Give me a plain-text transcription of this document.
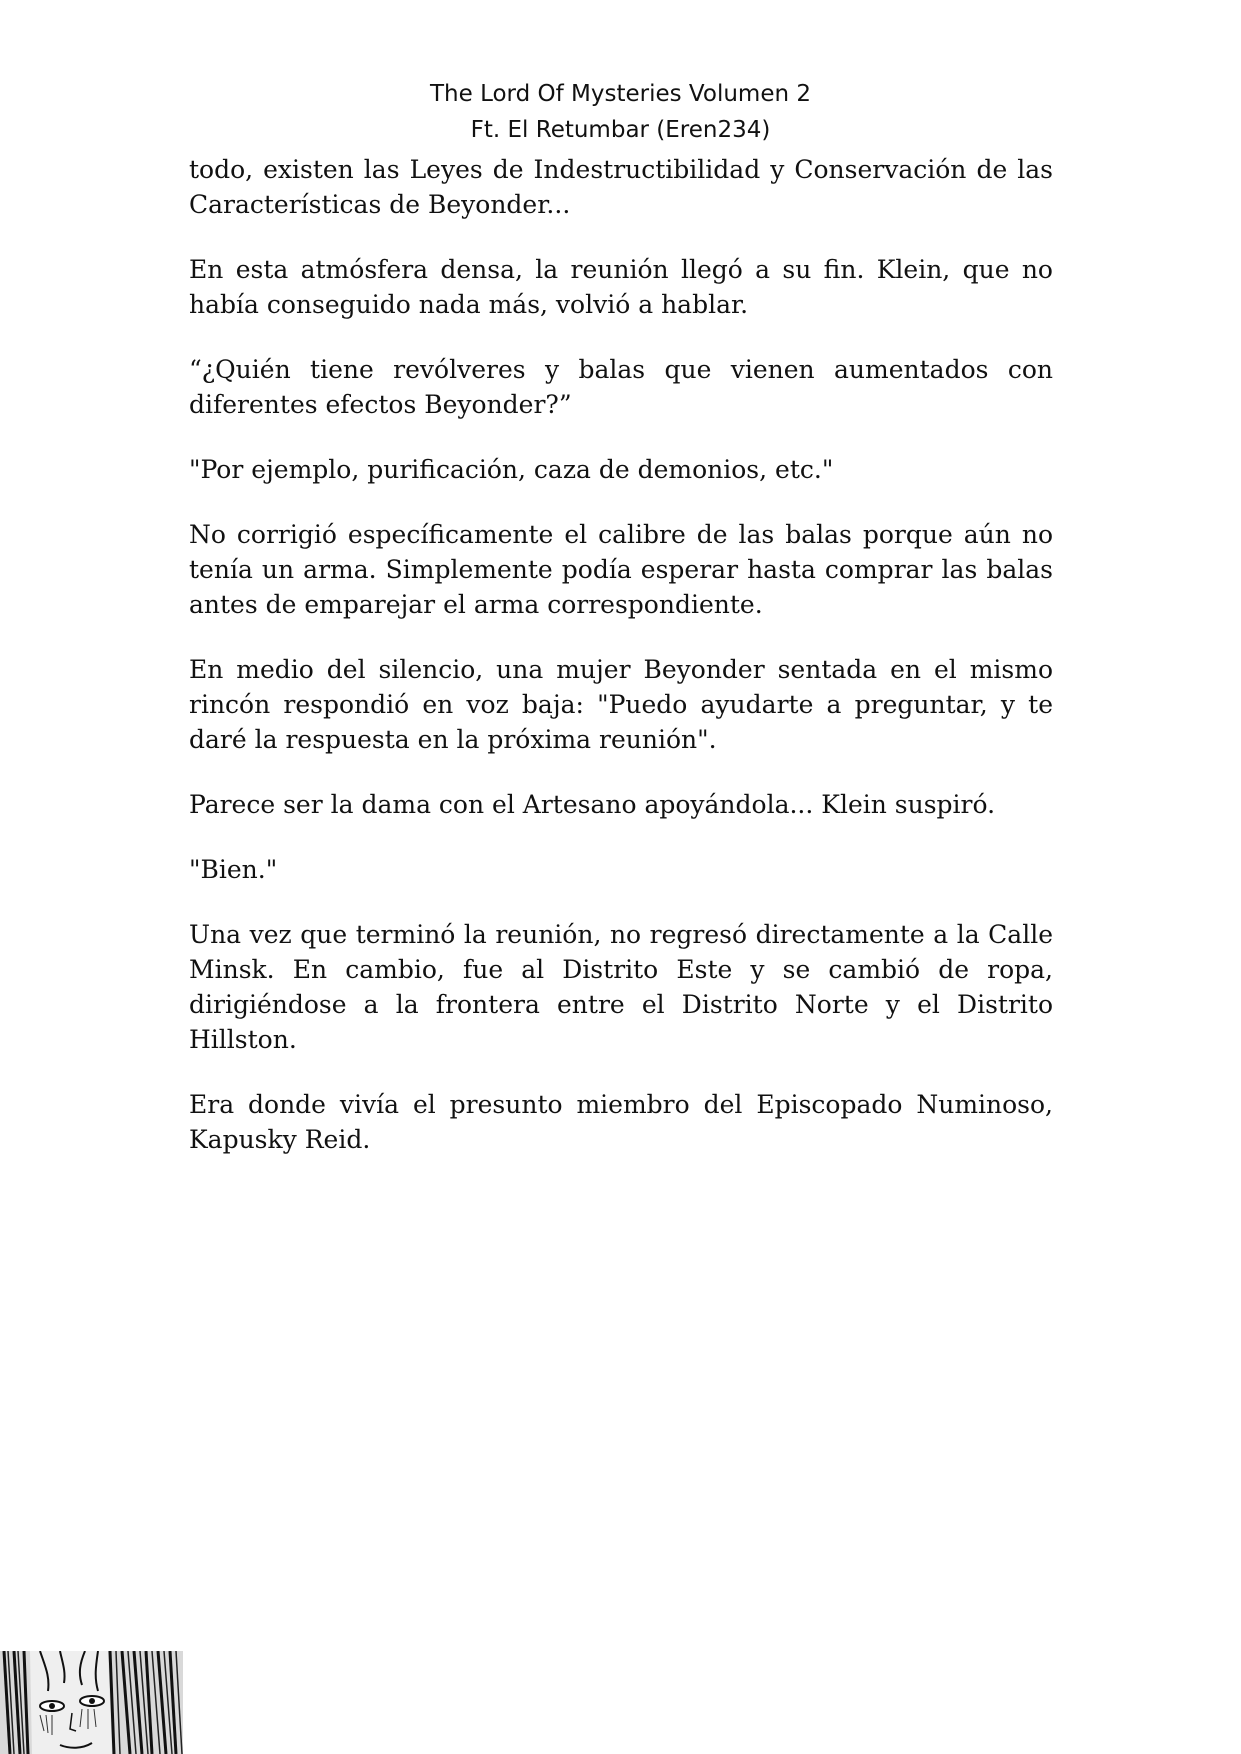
The Lord Of Mysteries Volumen 2
Ft. El Retumbar (Eren234)

todo, existen las Leyes de Indestructibilidad y Conservación de las Características de Beyonder...

En esta atmósfera densa, la reunión llegó a su fin. Klein, que no había conseguido nada más, volvió a hablar.

“¿Quién tiene revólveres y balas que vienen aumentados con diferentes efectos Beyonder?”

"Por ejemplo, purificación, caza de demonios, etc."

No corrigió específicamente el calibre de las balas porque aún no tenía un arma. Simplemente podía esperar hasta comprar las balas antes de emparejar el arma correspondiente.

En medio del silencio, una mujer Beyonder sentada en el mismo rincón respondió en voz baja: "Puedo ayudarte a preguntar, y te daré la respuesta en la próxima reunión".

Parece ser la dama con el Artesano apoyándola... Klein suspiró.

"Bien."

Una vez que terminó la reunión, no regresó directamente a la Calle Minsk. En cambio, fue al Distrito Este y se cambió de ropa, dirigiéndose a la frontera entre el Distrito Norte y el Distrito Hillston.

Era donde vivía el presunto miembro del Episcopado Numinoso, Kapusky Reid.
